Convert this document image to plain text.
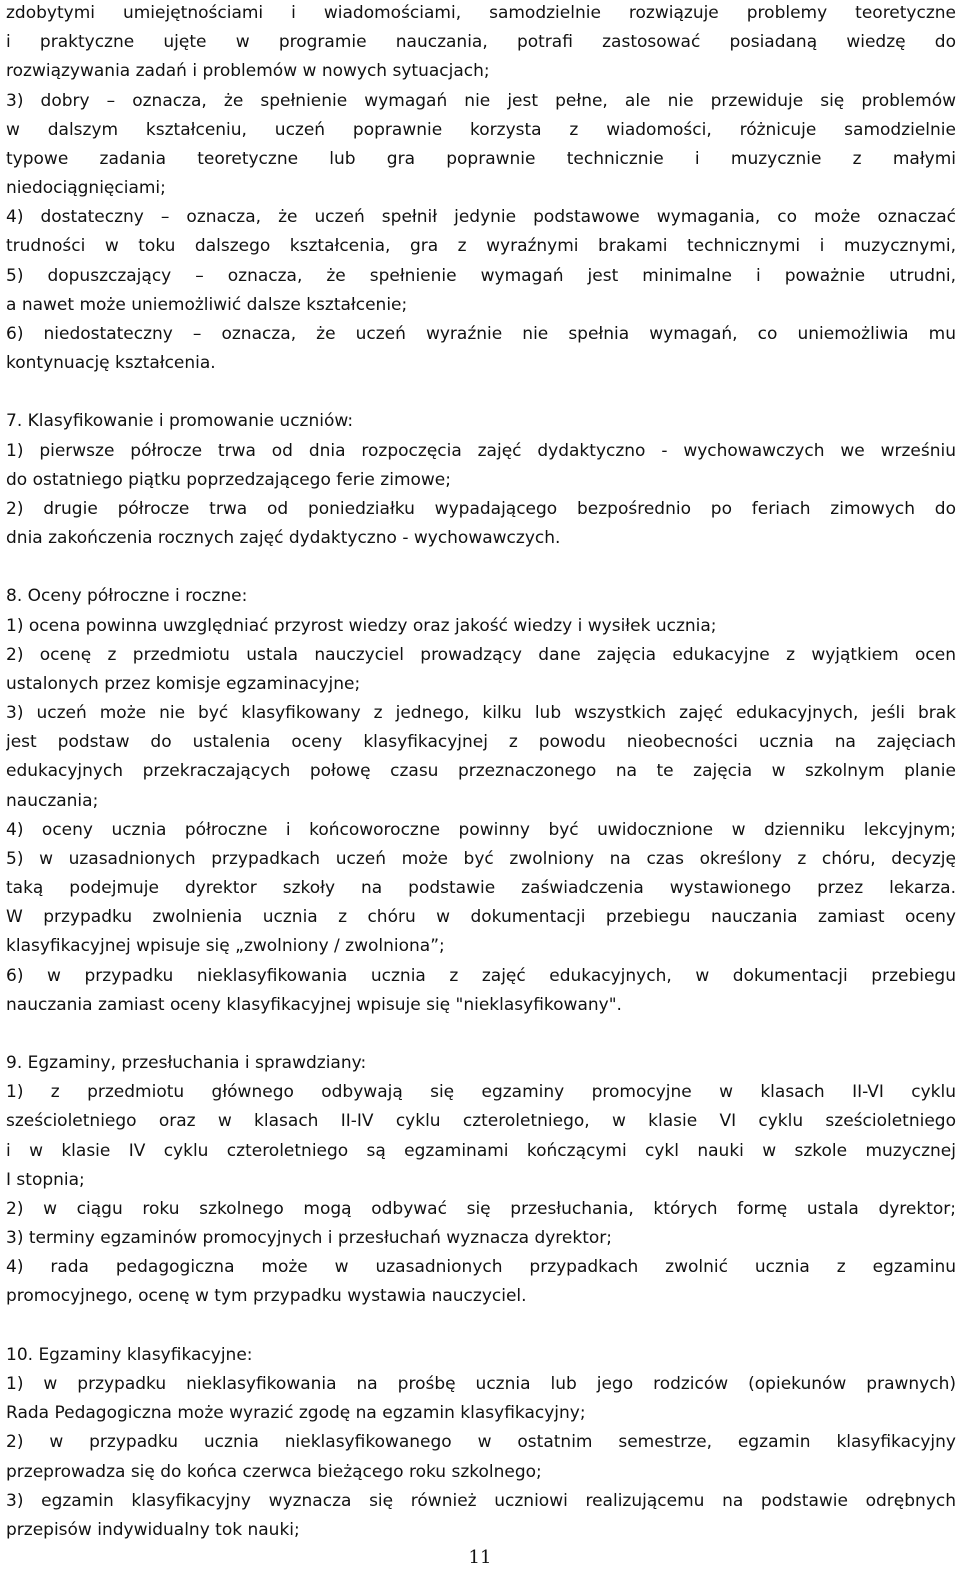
zdobytymi umiejętnościami i wiadomościami, samodzielnie rozwiązuje problemy teoretyczne
i praktyczne ujęte w programie nauczania, potrafi zastosować posiadaną wiedzę do
rozwiązywania zadań i problemów w nowych sytuacjach;
3) dobry – oznacza, że spełnienie wymagań nie jest pełne, ale nie przewiduje się problemów
w dalszym kształceniu, uczeń poprawnie korzysta z wiadomości, różnicuje samodzielnie
typowe zadania teoretyczne lub gra poprawnie technicznie i muzycznie z małymi
niedociągnięciami;
4) dostateczny – oznacza, że uczeń spełnił jedynie podstawowe wymagania, co może oznaczać
trudności w toku dalszego kształcenia, gra z wyraźnymi brakami technicznymi i muzycznymi,
5) dopuszczający – oznacza, że spełnienie wymagań jest minimalne i poważnie utrudni,
a nawet może uniemożliwić dalsze kształcenie;
6) niedostateczny – oznacza, że uczeń wyraźnie nie spełnia wymagań, co uniemożliwia mu
kontynuację kształcenia.
7. Klasyfikowanie i promowanie uczniów:
1) pierwsze półrocze trwa od dnia rozpoczęcia zajęć dydaktyczno - wychowawczych we wrześniu
do ostatniego piątku poprzedzającego ferie zimowe;
2) drugie półrocze trwa od poniedziałku wypadającego bezpośrednio po feriach zimowych do
dnia zakończenia rocznych zajęć dydaktyczno - wychowawczych.
8. Oceny półroczne i roczne:
1) ocena powinna uwzględniać przyrost wiedzy oraz jakość wiedzy i wysiłek ucznia;
2) ocenę z przedmiotu ustala nauczyciel prowadzący dane zajęcia edukacyjne z wyjątkiem ocen
ustalonych przez komisje egzaminacyjne;
3) uczeń może nie być klasyfikowany z jednego, kilku lub wszystkich zajęć edukacyjnych, jeśli brak
jest podstaw do ustalenia oceny klasyfikacyjnej z powodu nieobecności ucznia na zajęciach
edukacyjnych przekraczających połowę czasu przeznaczonego na te zajęcia w szkolnym planie
nauczania;
4) oceny ucznia półroczne i końcoworoczne powinny być uwidocznione w dzienniku lekcyjnym;
5) w uzasadnionych przypadkach uczeń może być zwolniony na czas określony z chóru, decyzję
taką podejmuje dyrektor szkoły na podstawie zaświadczenia wystawionego przez lekarza.
W przypadku zwolnienia ucznia z chóru w dokumentacji przebiegu nauczania zamiast oceny
klasyfikacyjnej wpisuje się „zwolniony / zwolniona”;
6) w przypadku nieklasyfikowania ucznia z zajęć edukacyjnych, w dokumentacji przebiegu
nauczania zamiast oceny klasyfikacyjnej wpisuje się "nieklasyfikowany".
9. Egzaminy, przesłuchania i sprawdziany:
1) z przedmiotu głównego odbywają się egzaminy promocyjne w klasach II-VI cyklu
sześcioletniego oraz w klasach II-IV cyklu czteroletniego, w klasie VI cyklu sześcioletniego
i w klasie IV cyklu czteroletniego są egzaminami kończącymi cykl nauki w szkole muzycznej
I stopnia;
2) w ciągu roku szkolnego mogą odbywać się przesłuchania, których formę ustala dyrektor;
3) terminy egzaminów promocyjnych i przesłuchań wyznacza dyrektor;
4) rada pedagogiczna może w uzasadnionych przypadkach zwolnić ucznia z egzaminu
promocyjnego, ocenę w tym przypadku wystawia nauczyciel.
10. Egzaminy klasyfikacyjne:
1) w przypadku nieklasyfikowania na prośbę ucznia lub jego rodziców (opiekunów prawnych)
Rada Pedagogiczna może wyrazić zgodę na egzamin klasyfikacyjny;
2) w przypadku ucznia nieklasyfikowanego w ostatnim semestrze, egzamin klasyfikacyjny
przeprowadza się do końca czerwca bieżącego roku szkolnego;
3) egzamin klasyfikacyjny wyznacza się również uczniowi realizującemu na podstawie odrębnych
przepisów indywidualny tok nauki;
11
